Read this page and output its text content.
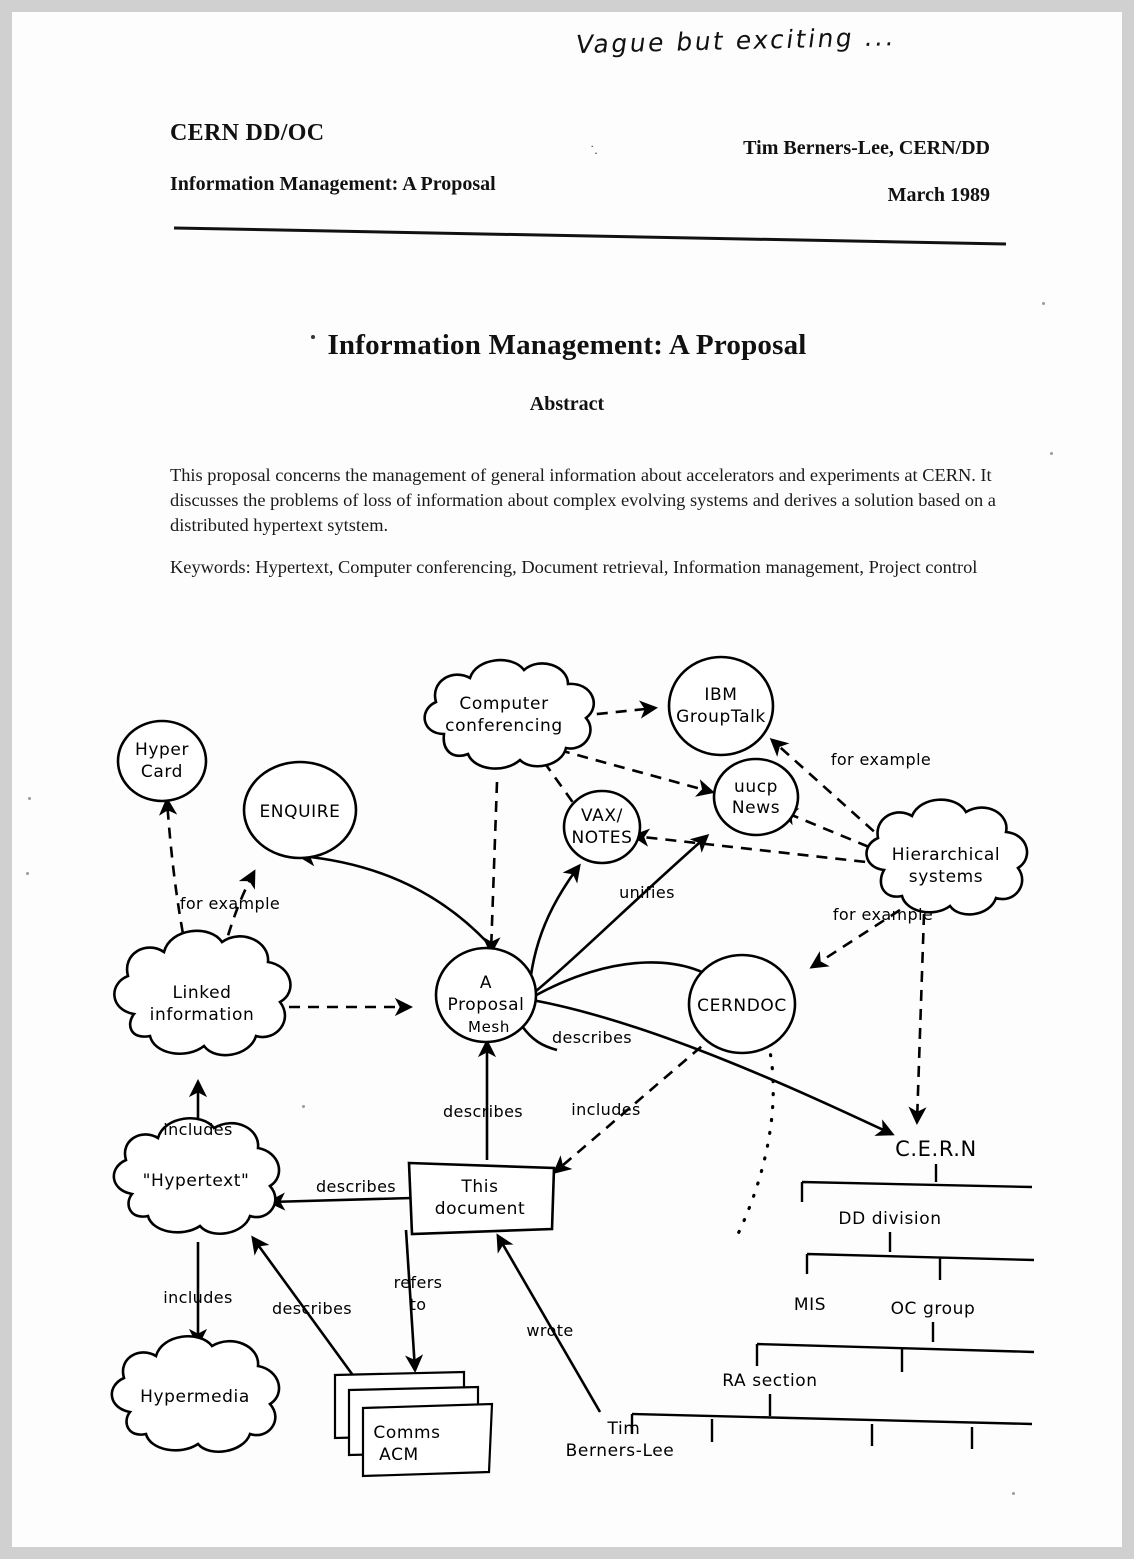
Vague but exciting ...
CERN DD/OC
Information Management: A Proposal
Tim Berners-Lee, CERN/DD
March 1989
˙.
Information Management: A Proposal
Abstract
This proposal concerns the management of general information about accelerators and experiments at CERN. It discusses the problems of loss of information about complex evolving systems and derives a solution based on a distributed hypertext sytstem.
Keywords: Hypertext, Computer conferencing, Document retrieval, Information management, Project control
Hyper
Card
ENQUIRE
Computer
conferencing
IBM
GroupTalk
uucp
News
VAX/
NOTES
Hierarchical
systems
Linked
information
A
Proposal
Mesh
CERNDOC
"Hypertext"
Hypermedia
This
document
Comms
ACM
C.E.R.N
DD division
MIS	OC group
RA section
Tim
Berners-Lee
for example
for example
for example
unifies
describes
describes	includes
describes
includes
includes
describes
refers
to
wrote
